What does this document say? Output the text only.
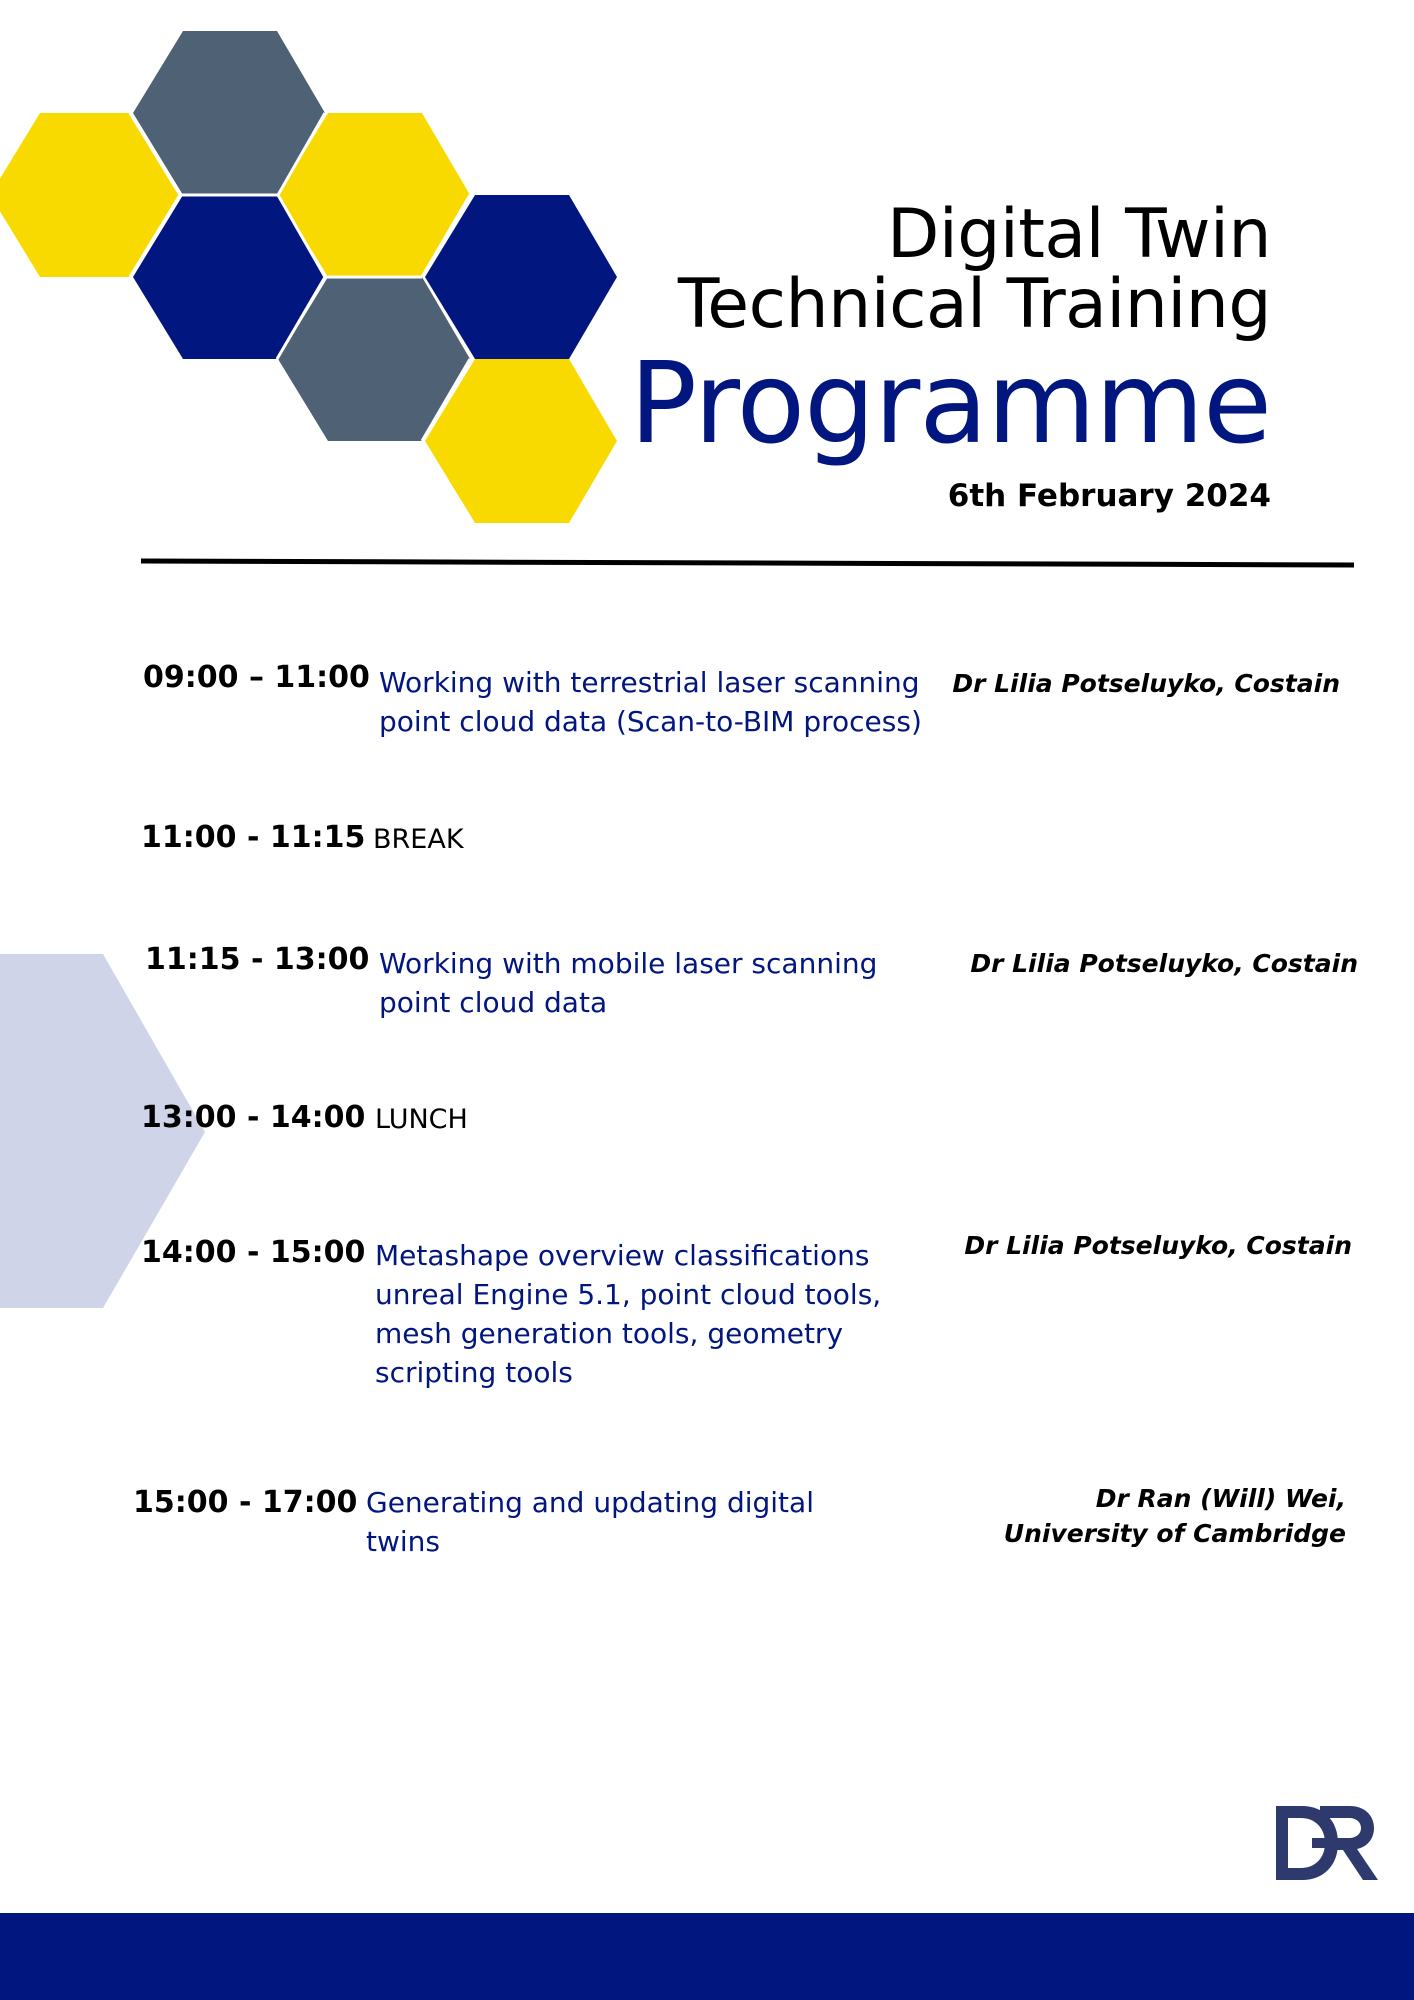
Digital Twin
Technical Training
Programme
6th February 2024
09:00 – 11:00 Working with terrestrial laser scanning point cloud data (Scan-to-BIM process)
Dr Lilia Potseluyko, Costain
11:00 - 11:15 BREAK
11:15 - 13:00 Working with mobile laser scanning point cloud data
Dr Lilia Potseluyko, Costain
13:00 - 14:00 LUNCH
14:00 - 15:00 Metashape overview classifications unreal Engine 5.1, point cloud tools, mesh generation tools, geometry scripting tools
Dr Lilia Potseluyko, Costain
15:00 - 17:00 Generating and updating digital twins
Dr Ran (Will) Wei, University of Cambridge
